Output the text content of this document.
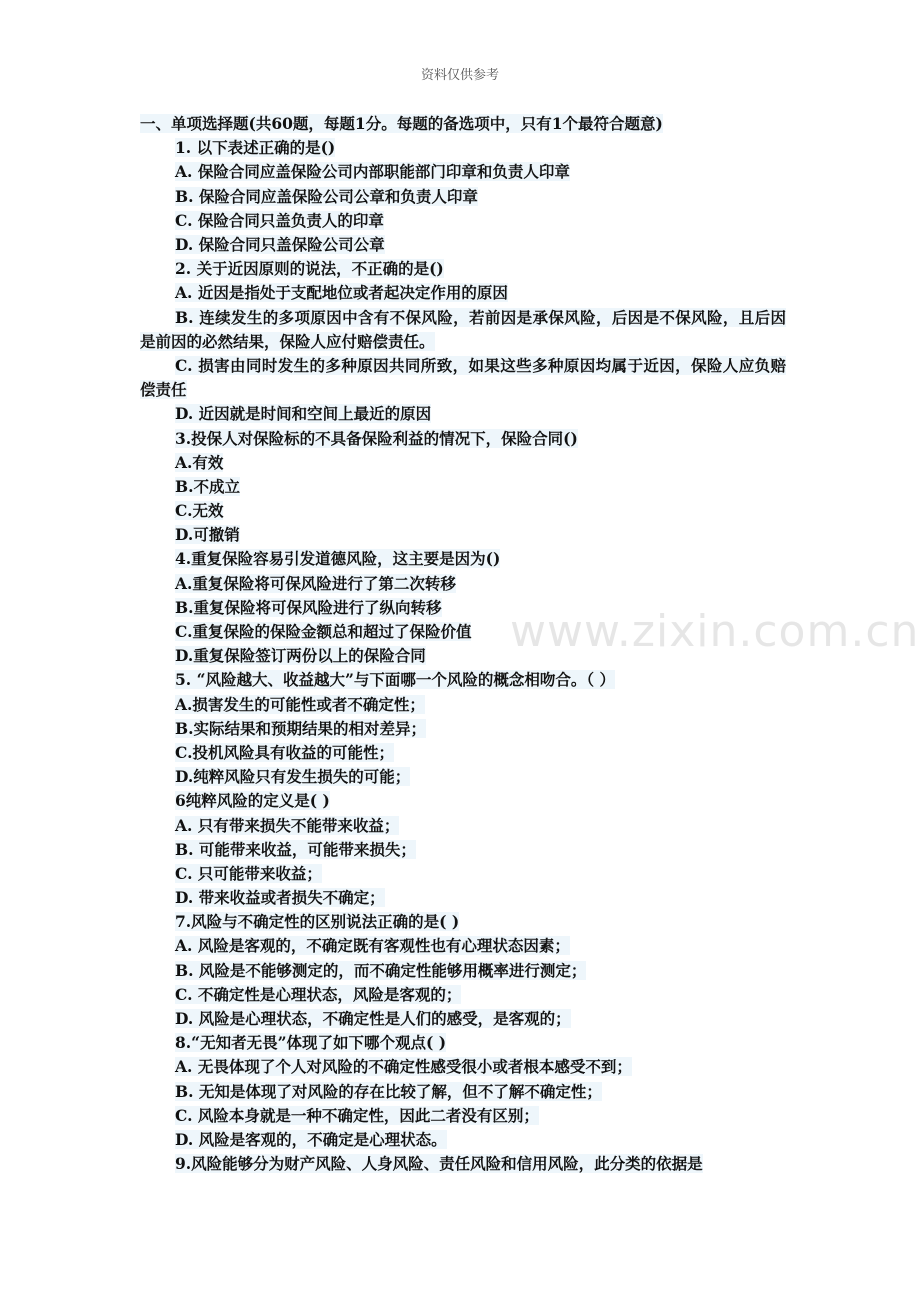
资料仅供参考
www.zixin.com.cn
一、单项选择题(共60题，每题1分。每题的备选项中，只有1个最符合题意)
1. 以下表述正确的是()
A. 保险合同应盖保险公司内部职能部门印章和负责人印章
B. 保险合同应盖保险公司公章和负责人印章
C. 保险合同只盖负责人的印章
D. 保险合同只盖保险公司公章
2. 关于近因原则的说法，不正确的是()
A. 近因是指处于支配地位或者起决定作用的原因
B. 连续发生的多项原因中含有不保风险，若前因是承保风险，后因是不保风险，且后因是前因的必然结果，保险人应付赔偿责任。
C. 损害由同时发生的多种原因共同所致，如果这些多种原因均属于近因，保险人应负赔偿责任
D. 近因就是时间和空间上最近的原因
3.投保人对保险标的不具备保险利益的情况下，保险合同()
A.有效
B.不成立
C.无效
D.可撤销
4.重复保险容易引发道德风险，这主要是因为()
A.重复保险将可保风险进行了第二次转移
B.重复保险将可保风险进行了纵向转移
C.重复保险的保险金额总和超过了保险价值
D.重复保险签订两份以上的保险合同
5. “风险越大、收益越大”与下面哪一个风险的概念相吻合。（ ）
A.损害发生的可能性或者不确定性；
B.实际结果和预期结果的相对差异；
C.投机风险具有收益的可能性；
D.纯粹风险只有发生损失的可能；
6纯粹风险的定义是( )
A. 只有带来损失不能带来收益；
B. 可能带来收益，可能带来损失；
C. 只可能带来收益；
D. 带来收益或者损失不确定；
7.风险与不确定性的区别说法正确的是( )
A. 风险是客观的，不确定既有客观性也有心理状态因素；
B. 风险是不能够测定的，而不确定性能够用概率进行测定；
C. 不确定性是心理状态，风险是客观的；
D. 风险是心理状态，不确定性是人们的感受，是客观的；
8.“无知者无畏”体现了如下哪个观点( )
A. 无畏体现了个人对风险的不确定性感受很小或者根本感受不到；
B. 无知是体现了对风险的存在比较了解，但不了解不确定性；
C. 风险本身就是一种不确定性，因此二者没有区别；
D. 风险是客观的，不确定是心理状态。
9.风险能够分为财产风险、人身风险、责任风险和信用风险，此分类的依据是
